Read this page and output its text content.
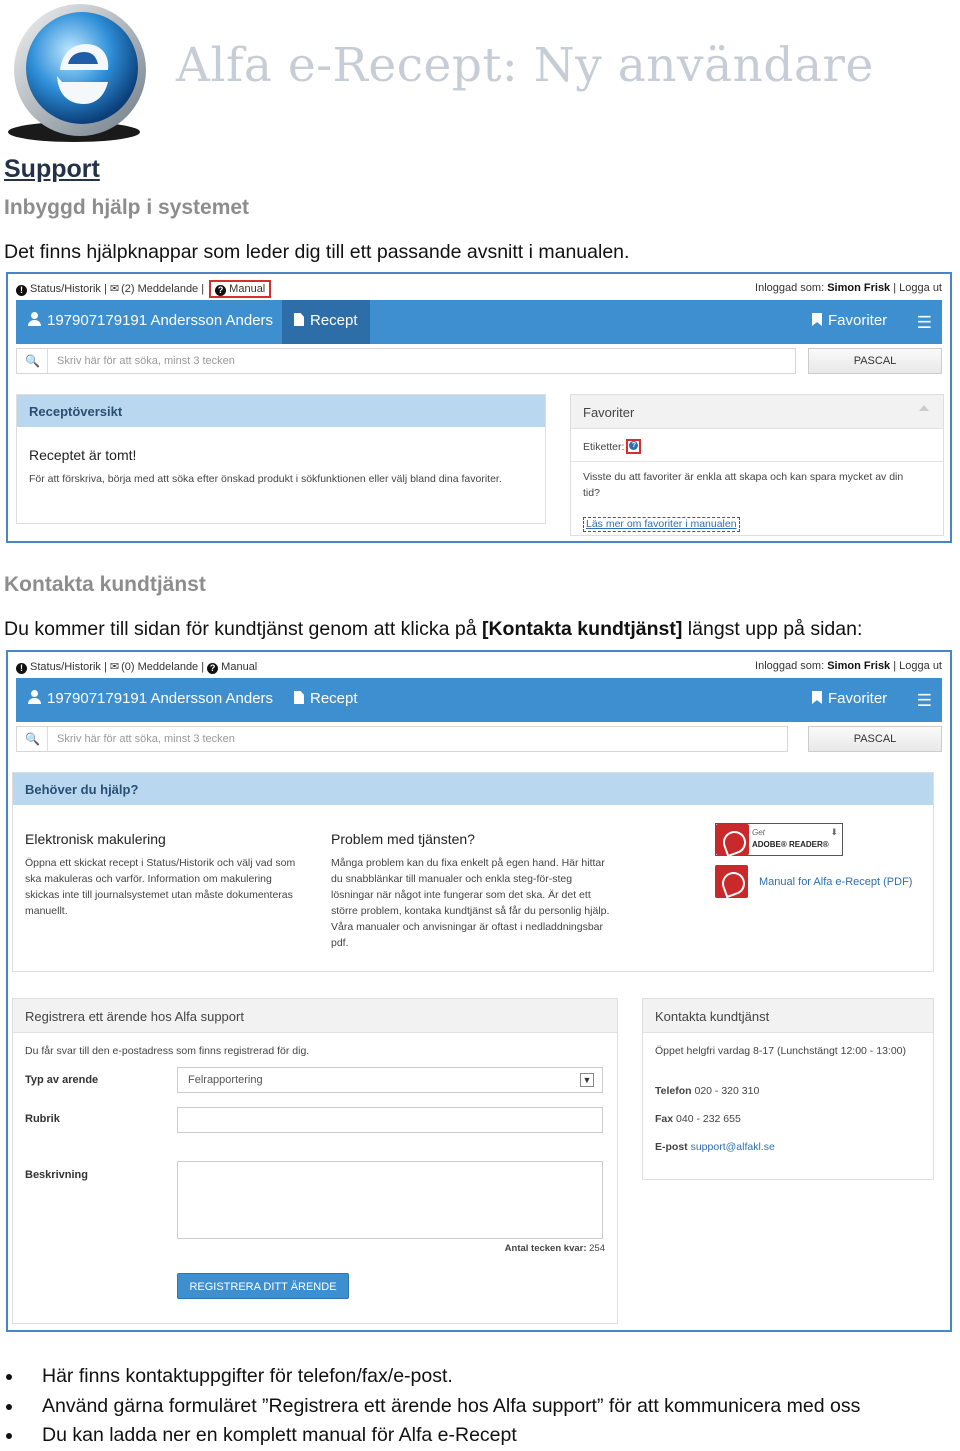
Alfa e-Recept: Ny användare
Support
Inbyggd hjälp i systemet
Det finns hjälpknappar som leder dig till ett passande avsnitt i manualen.
! Status/Historik | ✉ (2) Meddelande | ? Manual	Inloggad som: Simon Frisk | Logga ut
197907179191 Andersson Anders	Recept	Favoriter ☰
🔍 Skriv här för att söka, minst 3 tecken	PASCAL
Receptöversikt
Receptet är tomt!
För att förskriva, börja med att söka efter önskad produkt i sökfunktionen eller välj bland dina favoriter.
Favoriter
Etiketter:?
Visste du att favoriter är enkla att skapa och kan spara mycket av din tid?
Läs mer om favoriter i manualen
Kontakta kundtjänst
Du kommer till sidan för kundtjänst genom att klicka på [Kontakta kundtjänst] längst upp på sidan:
! Status/Historik | ✉ (0) Meddelande | ? Manual	Inloggad som: Simon Frisk | Logga ut
197907179191 Andersson Anders	Recept	Favoriter ☰
🔍 Skriv här för att söka, minst 3 tecken	PASCAL
Behöver du hjälp?
Elektronisk makulering
Öppna ett skickat recept i Status/Historik och välj vad som ska makuleras och varför. Information om makulering skickas inte till journalsystemet utan måste dokumenteras manuellt.
Problem med tjänsten?
Många problem kan du fixa enkelt på egen hand. Här hittar du snabblänkar till manualer och enkla steg-för-steg lösningar när något inte fungerar som det ska. Är det ett större problem, kontaka kundtjänst så får du personlig hjälp. Våra manualer och anvisningar är oftast i nedladdningsbar pdf.
Get
ADOBE® READER®
⬇
Manual for Alfa e-Recept (PDF)
Registrera ett ärende hos Alfa support
Du får svar till den e-postadress som finns registrerad för dig.
Typ av arende	Felrapportering	▼
Rubrik
Beskrivning
Antal tecken kvar: 254
REGISTRERA DITT ÄRENDE
Kontakta kundtjänst
Öppet helgfri vardag 8-17 (Lunchstängt 12:00 - 13:00)
Telefon 020 - 320 310
Fax 040 - 232 655
E-post support@alfakl.se
Här finns kontaktuppgifter för telefon/fax/e-post.
Använd gärna formuläret ”Registrera ett ärende hos Alfa support” för att kommunicera med oss
Du kan ladda ner en komplett manual för Alfa e-Recept
